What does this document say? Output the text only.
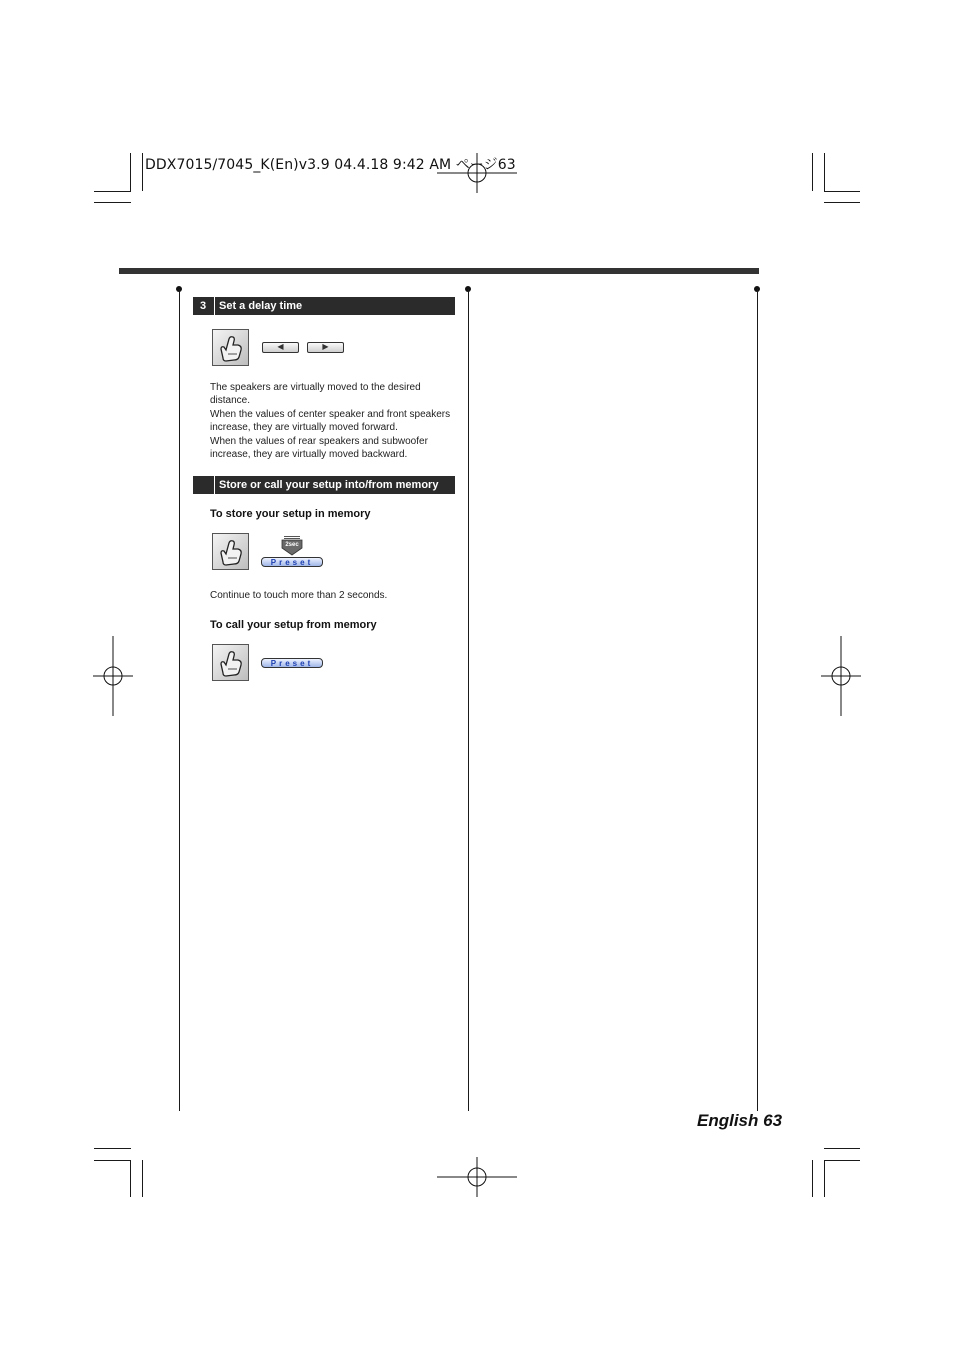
DDX7015/7045_K(En)v3.9 04.4.18 9:42 AM ページ63
3	Set a delay time
◀	▶
The speakers are virtually moved to the desired distance.
When the values of center speaker and front speakers increase, they are virtually moved forward.
When the values of rear speakers and subwoofer increase, they are virtually moved backward.
Store or call your setup into/from memory
To store your setup in memory
2sec
Preset
Continue to touch more than 2 seconds.
To call your setup from memory
Preset
English 63
